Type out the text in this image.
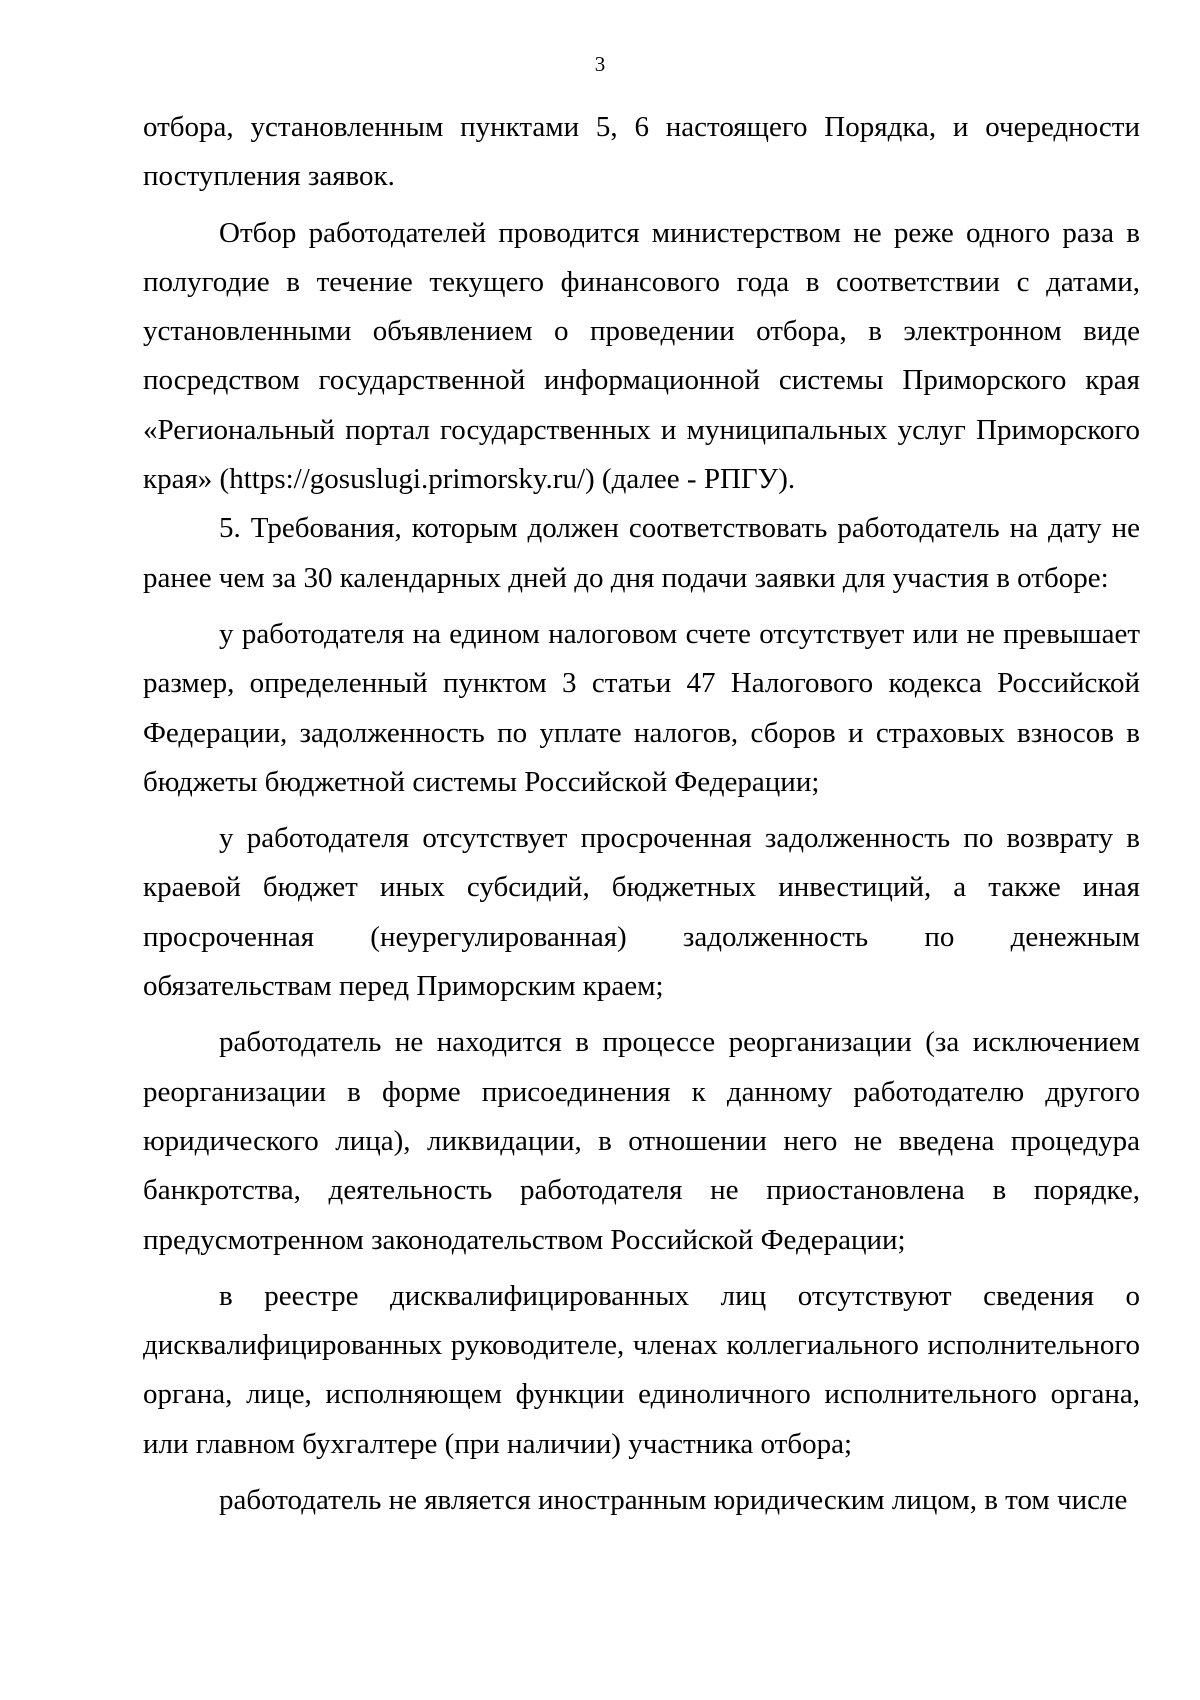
3

отбора, установленным пунктами 5, 6 настоящего Порядка, и очередности поступления заявок.

Отбор работодателей проводится министерством не реже одного раза в полугодие в течение текущего финансового года в соответствии с датами, установленными объявлением о проведении отбора, в электронном виде посредством государственной информационной системы Приморского края «Региональный портал государственных и муниципальных услуг Приморского края» (https://gosuslugi.primorsky.ru/) (далее - РПГУ).

5. Требования, которым должен соответствовать работодатель на дату не ранее чем за 30 календарных дней до дня подачи заявки для участия в отборе:

у работодателя на едином налоговом счете отсутствует или не превышает размер, определенный пунктом 3 статьи 47 Налогового кодекса Российской Федерации, задолженность по уплате налогов, сборов и страховых взносов в бюджеты бюджетной системы Российской Федерации;

у работодателя отсутствует просроченная задолженность по возврату в краевой бюджет иных субсидий, бюджетных инвестиций, а также иная просроченная (неурегулированная) задолженность по денежным обязательствам перед Приморским краем;

работодатель не находится в процессе реорганизации (за исключением реорганизации в форме присоединения к данному работодателю другого юридического лица), ликвидации, в отношении него не введена процедура банкротства, деятельность работодателя не приостановлена в порядке, предусмотренном законодательством Российской Федерации;

в реестре дисквалифицированных лиц отсутствуют сведения о дисквалифицированных руководителе, членах коллегиального исполнительного органа, лице, исполняющем функции единоличного исполнительного органа, или главном бухгалтере (при наличии) участника отбора;

работодатель не является иностранным юридическим лицом, в том числе
